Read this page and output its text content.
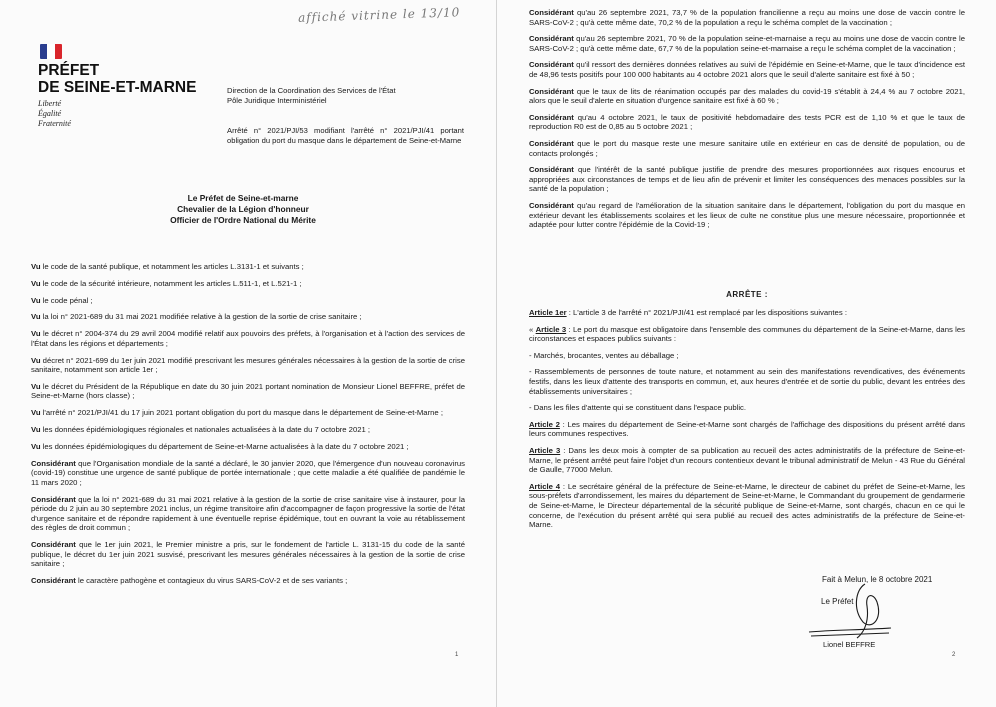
affiché vitrine le 13/10
PRÉFET
DE SEINE-ET-MARNE
Liberté
Égalité
Fraternité
Direction de la Coordination des Services de l'État
Pôle Juridique Interministériel
Arrêté n° 2021/PJI/53 modifiant l'arrêté n° 2021/PJI/41 portant obligation du port du masque dans le département de Seine-et-Marne
Le Préfet de Seine-et-marne
Chevalier de la Légion d'honneur
Officier de l'Ordre National du Mérite

Vu le code de la santé publique, et notamment les articles L.3131-1 et suivants ;

Vu le code de la sécurité intérieure, notamment les articles L.511-1, et L.521-1 ;

Vu le code pénal ;

Vu la loi n° 2021-689 du 31 mai 2021 modifiée relative à la gestion de la sortie de crise sanitaire ;

Vu le décret n° 2004-374 du 29 avril 2004 modifié relatif aux pouvoirs des préfets, à l'organisation et à l'action des services de l'État dans les régions et départements ;

Vu décret n° 2021-699 du 1er juin 2021 modifié prescrivant les mesures générales nécessaires à la gestion de la sortie de crise sanitaire, notamment son article 1er ;

Vu le décret du Président de la République en date du 30 juin 2021 portant nomination de Monsieur Lionel BEFFRE, préfet de Seine-et-Marne (hors classe) ;

Vu l'arrêté n° 2021/PJI/41 du 17 juin 2021 portant obligation du port du masque dans le département de Seine-et-Marne ;

Vu les données épidémiologiques régionales et nationales actualisées à la date du 7 octobre 2021 ;

Vu les données épidémiologiques du département de Seine-et-Marne actualisées à la date du 7 octobre 2021 ;

Considérant que l'Organisation mondiale de la santé a déclaré, le 30 janvier 2020, que l'émergence d'un nouveau coronavirus (covid-19) constitue une urgence de santé publique de portée internationale ; que cette maladie a été qualifiée de pandémie le 11 mars 2020 ;

Considérant que la loi n° 2021-689 du 31 mai 2021 relative à la gestion de la sortie de crise sanitaire vise à instaurer, pour la période du 2 juin au 30 septembre 2021 inclus, un régime transitoire afin d'accompagner de façon progressive la sortie de l'état d'urgence sanitaire et de répondre rapidement à une éventuelle reprise épidémique, tout en ouvrant la voie au rétablissement des règles de droit commun ;

Considérant que le 1er juin 2021, le Premier ministre a pris, sur le fondement de l'article L. 3131-15 du code de la santé publique, le décret du 1er juin 2021 susvisé, prescrivant les mesures générales nécessaires à la gestion de la sortie de crise sanitaire ;

Considérant le caractère pathogène et contagieux du virus SARS-CoV-2 et de ses variants ;

1

Considérant qu'au 26 septembre 2021, 73,7 % de la population francilienne a reçu au moins une dose de vaccin contre le SARS-CoV-2 ; qu'à cette même date, 70,2 % de la population a reçu le schéma complet de la vaccination ;

Considérant qu'au 26 septembre 2021, 70 % de la population seine-et-marnaise a reçu au moins une dose de vaccin contre le SARS-CoV-2 ; qu'à cette même date, 67,7 % de la population seine-et-marnaise a reçu le schéma complet de la vaccination ;

Considérant qu'il ressort des dernières données relatives au suivi de l'épidémie en Seine-et-Marne, que le taux d'incidence est de 48,96 tests positifs pour 100 000 habitants au 4 octobre 2021 alors que le seuil d'alerte sanitaire est fixé à 50 ;

Considérant que le taux de lits de réanimation occupés par des malades du covid-19 s'établit à 24,4 % au 7 octobre 2021, alors que le seuil d'alerte en situation d'urgence sanitaire est fixé à 60 % ;

Considérant qu'au 4 octobre 2021, le taux de positivité hebdomadaire des tests PCR est de 1,10 % et que le taux de reproduction R0 est de 0,85 au 5 octobre 2021 ;

Considérant que le port du masque reste une mesure sanitaire utile en extérieur en cas de densité de population, ou de contacts prolongés ;

Considérant que l'intérêt de la santé publique justifie de prendre des mesures proportionnées aux risques encourus et appropriées aux circonstances de temps et de lieu afin de prévenir et limiter les conséquences des menaces possibles sur la santé de la population ;

Considérant qu'au regard de l'amélioration de la situation sanitaire dans le département, l'obligation du port du masque en extérieur devant les établissements scolaires et les lieux de culte ne constitue plus une mesure nécessaire, proportionnée et adaptée pour lutter contre l'épidémie de la Covid-19 ;

ARRÊTE :

Article 1er : L'article 3 de l'arrêté n° 2021/PJI/41 est remplacé par les dispositions suivantes :

« Article 3 : Le port du masque est obligatoire dans l'ensemble des communes du département de la Seine-et-Marne, dans les circonstances et espaces publics suivants :

- Marchés, brocantes, ventes au déballage ;

- Rassemblements de personnes de toute nature, et notamment au sein des manifestations revendicatives, des événements festifs, dans les lieux d'attente des transports en commun, et, aux heures d'entrée et de sortie du public, devant les entrées des établissements universitaires ;

- Dans les files d'attente qui se constituent dans l'espace public.

Article 2 : Les maires du département de Seine-et-Marne sont chargés de l'affichage des dispositions du présent arrêté dans leurs communes respectives.

Article 3 : Dans les deux mois à compter de sa publication au recueil des actes administratifs de la préfecture de Seine-et-Marne, le présent arrêté peut faire l'objet d'un recours contentieux devant le tribunal administratif de Melun - 43 Rue du Général de Gaulle, 77000 Melun.

Article 4 : Le secrétaire général de la préfecture de Seine-et-Marne, le directeur de cabinet du préfet de Seine-et-Marne, les sous-préfets d'arrondissement, les maires du département de Seine-et-Marne, le Commandant du groupement de gendarmerie de Seine-et-Marne, le Directeur départemental de la sécurité publique de Seine-et-Marne, sont chargés, chacun en ce qui le concerne, de l'exécution du présent arrêté qui sera publié au recueil des actes administratifs de la préfecture de Seine-et-Marne.

Fait à Melun, le 8 octobre 2021
Le Préfet
Lionel BEFFRE
2
